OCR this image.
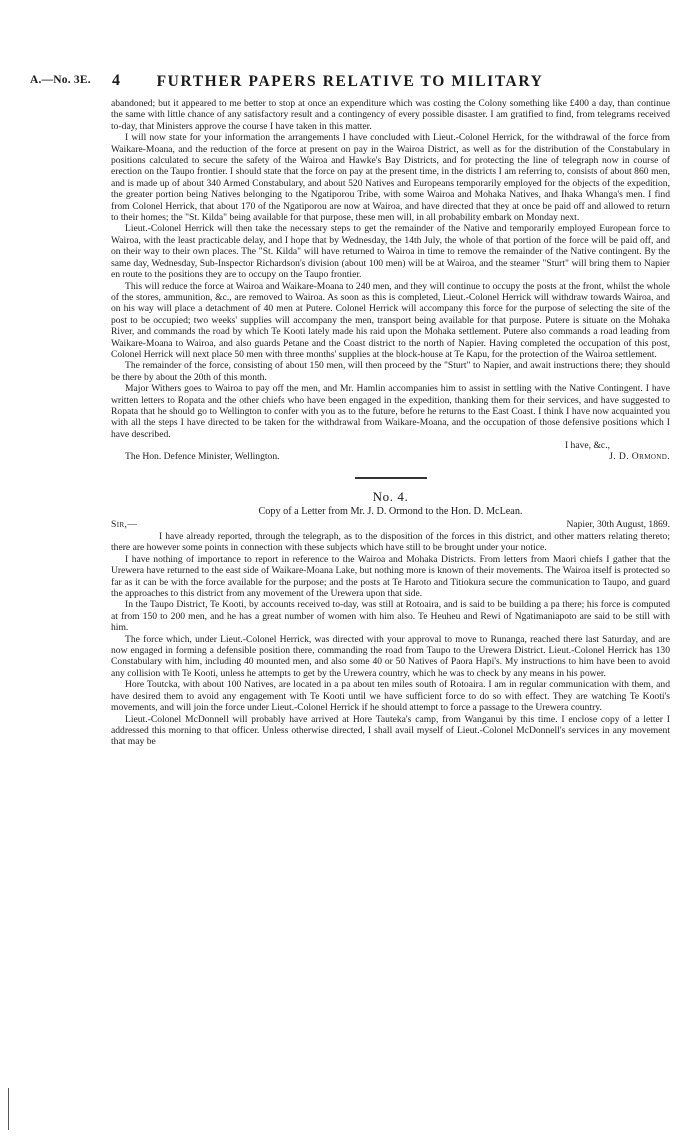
A.—No. 3E. 4	FURTHER PAPERS RELATIVE TO MILITARY

abandoned; but it appeared to me better to stop at once an expenditure which was costing the Colony something like £400 a day, than continue the same with little chance of any satisfactory result and a contingency of every possible disaster. I am gratified to find, from telegrams received to-day, that Ministers approve the course I have taken in this matter.

I will now state for your information the arrangements I have concluded with Lieut.-Colonel Herrick, for the withdrawal of the force from Waikare-Moana, and the reduction of the force at present on pay in the Wairoa District, as well as for the distribution of the Constabulary in positions calculated to secure the safety of the Wairoa and Hawke's Bay Districts, and for protecting the line of telegraph now in course of erection on the Taupo frontier. I should state that the force on pay at the present time, in the districts I am referring to, consists of about 860 men, and is made up of about 340 Armed Constabulary, and about 520 Natives and Europeans temporarily employed for the objects of the expedition, the greater portion being Natives belonging to the Ngatiporou Tribe, with some Wairoa and Mohaka Natives, and Ihaka Whanga's men. I find from Colonel Herrick, that about 170 of the Ngatiporou are now at Wairoa, and have directed that they at once be paid off and allowed to return to their homes; the "St. Kilda" being available for that purpose, these men will, in all probability embark on Monday next.

Lieut.-Colonel Herrick will then take the necessary steps to get the remainder of the Native and temporarily employed European force to Wairoa, with the least practicable delay, and I hope that by Wednesday, the 14th July, the whole of that portion of the force will be paid off, and on their way to their own places. The "St. Kilda" will have returned to Wairoa in time to remove the remainder of the Native contingent. By the same day, Wednesday, Sub-Inspector Richardson's division (about 100 men) will be at Wairoa, and the steamer "Sturt" will bring them to Napier en route to the positions they are to occupy on the Taupo frontier.

This will reduce the force at Wairoa and Waikare-Moana to 240 men, and they will continue to occupy the posts at the front, whilst the whole of the stores, ammunition, &c., are removed to Wairoa. As soon as this is completed, Lieut.-Colonel Herrick will withdraw towards Wairoa, and on his way will place a detachment of 40 men at Putere. Colonel Herrick will accompany this force for the purpose of selecting the site of the post to be occupied; two weeks' supplies will accompany the men, transport being available for that purpose. Putere is situate on the Mohaka River, and commands the road by which Te Kooti lately made his raid upon the Mohaka settlement. Putere also commands a road leading from Waikare-Moana to Wairoa, and also guards Petane and the Coast district to the north of Napier. Having completed the occupation of this post, Colonel Herrick will next place 50 men with three months' supplies at the block-house at Te Kapu, for the protection of the Wairoa settlement.

The remainder of the force, consisting of about 150 men, will then proceed by the "Sturt" to Napier, and await instructions there; they should be there by about the 20th of this month.

Major Withers goes to Wairoa to pay off the men, and Mr. Hamlin accompanies him to assist in settling with the Native Contingent. I have written letters to Ropata and the other chiefs who have been engaged in the expedition, thanking them for their services, and have suggested to Ropata that he should go to Wellington to confer with you as to the future, before he returns to the East Coast. I think I have now acquainted you with all the steps I have directed to be taken for the withdrawal from Waikare-Moana, and the occupation of those defensive positions which I have described.

I have, &c.,
J. D. Ormond.
The Hon. Defence Minister, Wellington.
No. 4.
Copy of a Letter from Mr. J. D. Ormond to the Hon. D. McLean.
Sir,—	Napier, 30th August, 1869.

I have already reported, through the telegraph, as to the disposition of the forces in this district, and other matters relating thereto; there are however some points in connection with these subjects which have still to be brought under your notice.

I have nothing of importance to report in reference to the Wairoa and Mohaka Districts. From letters from Maori chiefs I gather that the Urewera have returned to the east side of Waikare-Moana Lake, but nothing more is known of their movements. The Wairoa itself is protected so far as it can be with the force available for the purpose; and the posts at Te Haroto and Titiokura secure the communication to Taupo, and guard the approaches to this district from any movement of the Urewera upon that side.

In the Taupo District, Te Kooti, by accounts received to-day, was still at Rotoaira, and is said to be building a pa there; his force is computed at from 150 to 200 men, and he has a great number of women with him also. Te Heuheu and Rewi of Ngatimaniapoto are said to be still with him.

The force which, under Lieut.-Colonel Herrick, was directed with your approval to move to Runanga, reached there last Saturday, and are now engaged in forming a defensible position there, commanding the road from Taupo to the Urewera District. Lieut.-Colonel Herrick has 130 Constabulary with him, including 40 mounted men, and also some 40 or 50 Natives of Paora Hapi's. My instructions to him have been to avoid any collision with Te Kooti, unless he attempts to get by the Urewera country, which he was to check by any means in his power.

Hore Toutcka, with about 100 Natives, are located in a pa about ten miles south of Rotoaira. I am in regular communication with them, and have desired them to avoid any engagement with Te Kooti until we have sufficient force to do so with effect. They are watching Te Kooti's movements, and will join the force under Lieut.-Colonel Herrick if he should attempt to force a passage to the Urewera country.

Lieut.-Colonel McDonnell will probably have arrived at Hore Tauteka's camp, from Wanganui by this time. I enclose copy of a letter I addressed this morning to that officer. Unless otherwise directed, I shall avail myself of Lieut.-Colonel McDonnell's services in any movement that may be
